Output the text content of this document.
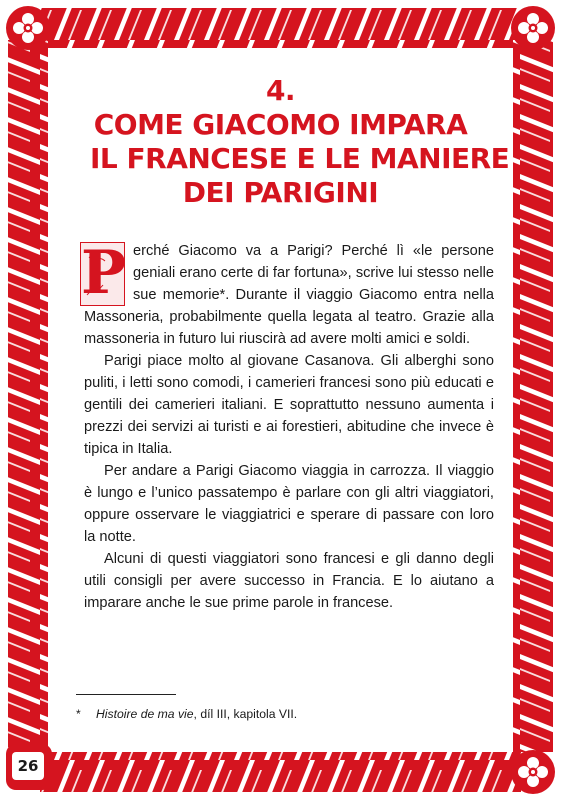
4.
COME GIACOMO IMPARA
IL FRANCESE E LE MANIERE
DEI PARIGINI

P erché Giacomo va a Parigi? Perché lì «le persone geniali erano certe di far fortuna», scrive lui stesso nelle sue memorie*. Durante il viaggio Giacomo entra nella Massoneria, probabilmente quella legata al teatro. Grazie alla massoneria in futuro lui riuscirà ad avere molti amici e soldi.

Parigi piace molto al giovane Casanova. Gli alberghi sono puliti, i letti sono comodi, i camerieri francesi sono più educati e gentili dei camerieri italiani. E soprattutto nessuno aumenta i prezzi dei servizi ai turisti e ai forestieri, abitudine che invece è tipica in Italia.

Per andare a Parigi Giacomo viaggia in carrozza. Il viaggio è lungo e l’unico passatempo è parlare con gli altri viaggiatori, oppure osservare le viaggiatrici e sperare di passare con loro la notte.

Alcuni di questi viaggiatori sono francesi e gli danno degli utili consigli per avere successo in Francia. E lo aiutano a imparare anche le sue prime parole in francese.

* Histoire de ma vie, díl III, kapitola VII.
26
